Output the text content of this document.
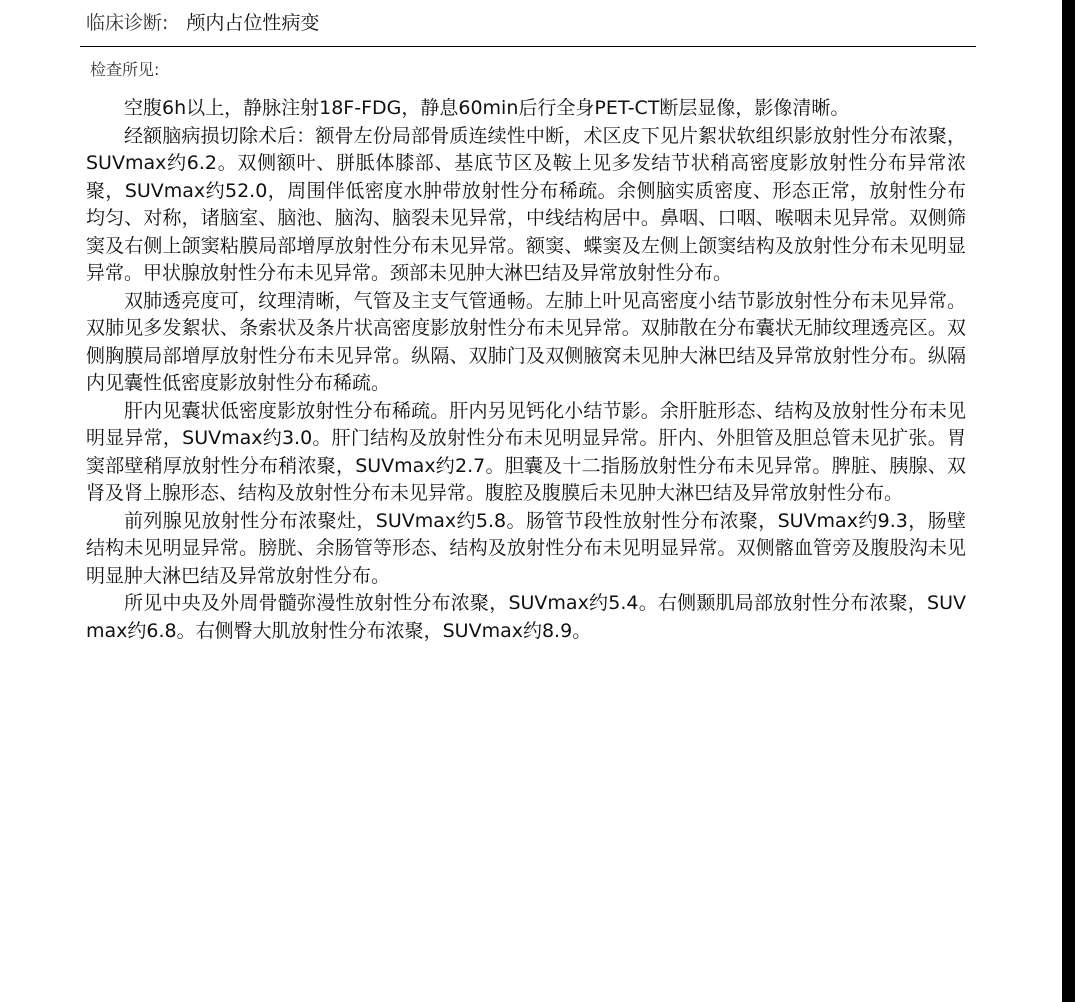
临床诊断: 颅内占位性病变
检查所见:

空腹6h以上，静脉注射18F-FDG，静息60min后行全身PET-CT断层显像，影像清晰。

经额脑病损切除术后：额骨左份局部骨质连续性中断，术区皮下见片絮状软组织影放射性分布浓聚，SUVmax约6.2。双侧额叶、胼胝体膝部、基底节区及鞍上见多发结节状稍高密度影放射性分布异常浓聚，SUVmax约52.0，周围伴低密度水肿带放射性分布稀疏。余侧脑实质密度、形态正常，放射性分布均匀、对称，诸脑室、脑池、脑沟、脑裂未见异常，中线结构居中。鼻咽、口咽、喉咽未见异常。双侧筛窦及右侧上颌窦粘膜局部增厚放射性分布未见异常。额窦、蝶窦及左侧上颌窦结构及放射性分布未见明显异常。甲状腺放射性分布未见异常。颈部未见肿大淋巴结及异常放射性分布。

双肺透亮度可，纹理清晰，气管及主支气管通畅。左肺上叶见高密度小结节影放射性分布未见异常。双肺见多发絮状、条索状及条片状高密度影放射性分布未见异常。双肺散在分布囊状无肺纹理透亮区。双侧胸膜局部增厚放射性分布未见异常。纵隔、双肺门及双侧腋窝未见肿大淋巴结及异常放射性分布。纵隔内见囊性低密度影放射性分布稀疏。

肝内见囊状低密度影放射性分布稀疏。肝内另见钙化小结节影。余肝脏形态、结构及放射性分布未见明显异常，SUVmax约3.0。肝门结构及放射性分布未见明显异常。肝内、外胆管及胆总管未见扩张。胃窦部壁稍厚放射性分布稍浓聚，SUVmax约2.7。胆囊及十二指肠放射性分布未见异常。脾脏、胰腺、双肾及肾上腺形态、结构及放射性分布未见异常。腹腔及腹膜后未见肿大淋巴结及异常放射性分布。

前列腺见放射性分布浓聚灶，SUVmax约5.8。肠管节段性放射性分布浓聚，SUVmax约9.3，肠壁结构未见明显异常。膀胱、余肠管等形态、结构及放射性分布未见明显异常。双侧髂血管旁及腹股沟未见明显肿大淋巴结及异常放射性分布。

所见中央及外周骨髓弥漫性放射性分布浓聚，SUVmax约5.4。右侧颞肌局部放射性分布浓聚，SUVmax约6.8。右侧臀大肌放射性分布浓聚，SUVmax约8.9。
